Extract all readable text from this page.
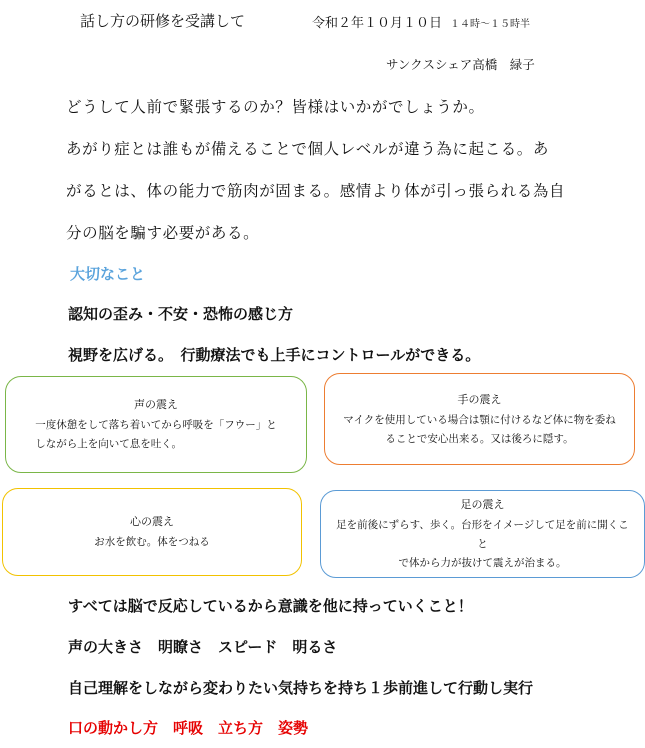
話し方の研修を受講して	令和２年１０月１０日 １４時～１５時半
サンクスシェア高橋　緑子
どうして人前で緊張するのか？皆様はいかがでしょうか。
あがり症とは誰もが備えることで個人レベルが違う為に起こる。あ
がるとは、体の能力で筋肉が固まる。感情より体が引っ張られる為自
分の脳を騙す必要がある。
大切なこと
認知の歪み・不安・恐怖の感じ方
視野を広げる。　行動療法でも上手にコントロールができる。
声の震え
一度休憩をして落ち着いてから呼吸を「フウー」と
しながら上を向いて息を吐く。
手の震え
マイクを使用している場合は顎に付けるなど体に物を委ね
ることで安心出来る。又は後ろに隠す。
心の震え
お水を飲む。体をつねる
足の震え
足を前後にずらす、歩く。台形をイメージして足を前に開くこと
で体から力が抜けて震えが治まる。
すべては脳で反応しているから意識を他に持っていくこと！
声の大きさ　明瞭さ　スピード　明るさ
自己理解をしながら変わりたい気持ちを持ち１歩前進して行動し実行
口の動かし方　呼吸　立ち方　姿勢
